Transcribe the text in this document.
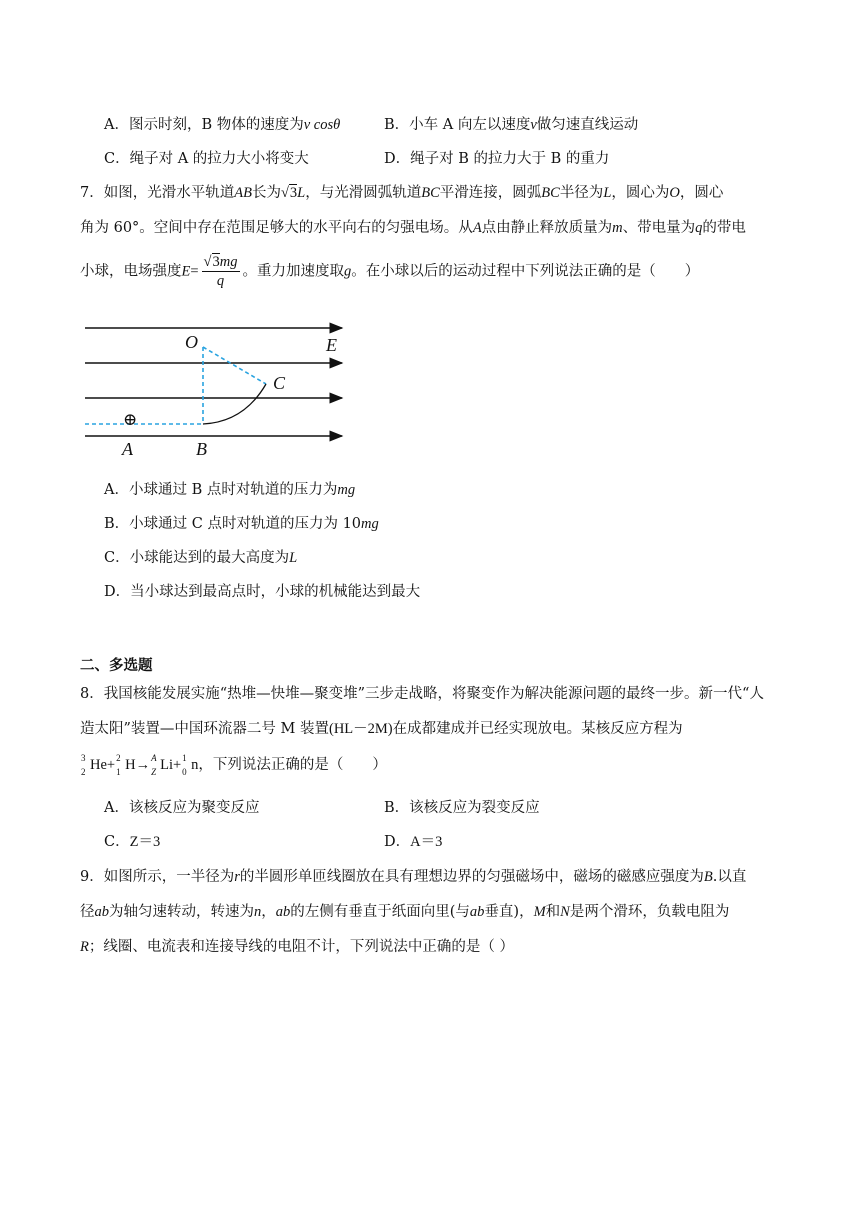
A．图示时刻，B 物体的速度为v cosθ	B．小车 A 向左以速度v做匀速直线运动
C．绳子对 A 的拉力大小将变大	D．绳子对 B 的拉力大于 B 的重力
7．如图，光滑水平轨道AB长为√3L，与光滑圆弧轨道BC平滑连接，圆弧BC半径为L，圆心为O，圆心
角为 60°。空间中存在范围足够大的水平向右的匀强电场。从A点由静止释放质量为m、带电量为q的带电
小球，电场强度$E= \frac{√3mg}{q}$ 。重力加速度取g。在小球以后的运动过程中下列说法正确的是（　　）
O	E
C
A	B
⊕
A．小球通过 B 点时对轨道的压力为mg
B．小球通过 C 点时对轨道的压力为 10mg
C．小球能达到的最大高度为L
D．当小球达到最高点时，小球的机械能达到最大
二、多选题
8．我国核能发展实施“热堆—快堆—聚变堆”三步走战略，将聚变作为解决能源问题的最终一步。新一代“人
造太阳”装置—中国环流器二号 M 装置(HL－2M)在成都建成并已经实现放电。某核反应方程为
3
2 He+ 2
1 H→ A
Z Li+ 1
0 n，下列说法正确的是（　　）
A．该核反应为聚变反应	B．该核反应为裂变反应
C．Z＝3	D．A＝3
9．如图所示，一半径为r的半圆形单匝线圈放在具有理想边界的匀强磁场中，磁场的磁感应强度为B.以直
径ab为轴匀速转动，转速为n，ab的左侧有垂直于纸面向里(与ab垂直)，M和N是两个滑环，负载电阻为
R；线圈、电流表和连接导线的电阻不计，下列说法中正确的是（ ）
